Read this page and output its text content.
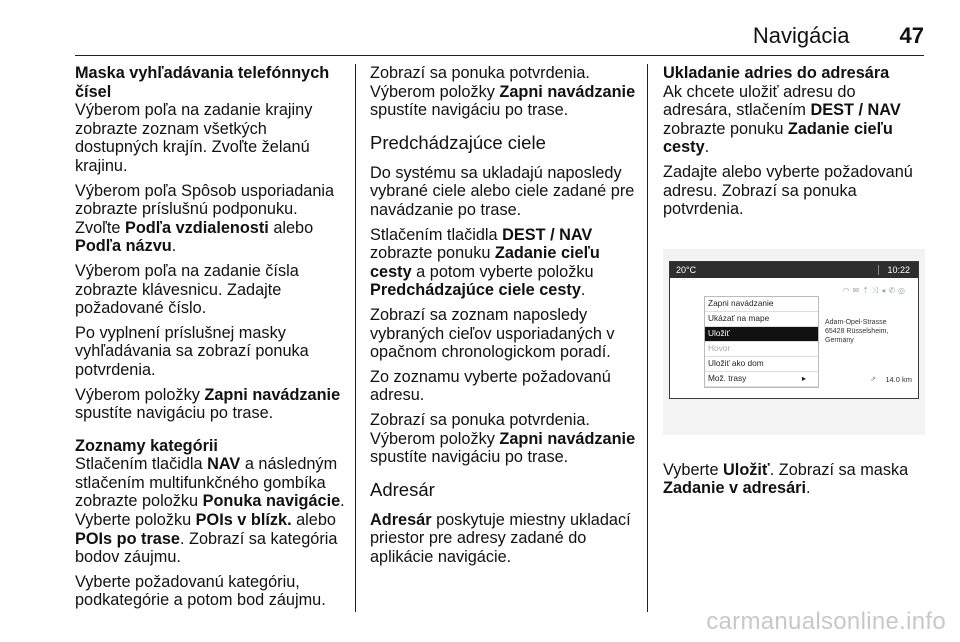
Navigácia 47

Maska vyhľadávania telefónnych čísel

Výberom poľa na zadanie krajiny zobrazte zoznam všetkých dostupných krajín. Zvoľte želanú krajinu.

Výberom poľa Spôsob usporiadania zobrazte príslušnú podponuku. Zvoľte Podľa vzdialenosti alebo Podľa názvu.

Výberom poľa na zadanie čísla zobrazte klávesnicu. Zadajte požadované číslo.

Po vyplnení príslušnej masky vyhľadávania sa zobrazí ponuka potvrdenia.

Výberom položky Zapni navádzanie spustíte navigáciu po trase.

Zoznamy kategórii

Stlačením tlačidla NAV a následným stlačením multifunkčného gombíka zobrazte položku Ponuka navigácie. Vyberte položku POIs v blízk. alebo POIs po trase. Zobrazí sa kategória bodov záujmu.

Vyberte požadovanú kategóriu, podkategórie a potom bod záujmu.

Zobrazí sa ponuka potvrdenia. Výberom položky Zapni navádzanie spustíte navigáciu po trase.

Predchádzajúce ciele

Do systému sa ukladajú naposledy vybrané ciele alebo ciele zadané pre navádzanie po trase.

Stlačením tlačidla DEST / NAV zobrazte ponuku Zadanie cieľu cesty a potom vyberte položku Predchádzajúce ciele cesty.

Zobrazí sa zoznam naposledy vybraných cieľov usporiadaných v opačnom chronologickom poradí.

Zo zoznamu vyberte požadovanú adresu.

Zobrazí sa ponuka potvrdenia. Výberom položky Zapni navádzanie spustíte navigáciu po trase.

Adresár

Adresár poskytuje miestny ukladací priestor pre adresy zadané do aplikácie navigácie.

Ukladanie adries do adresára

Ak chcete uložiť adresu do adresára, stlačením DEST / NAV zobrazte ponuku Zadanie cieľu cesty.

Zadajte alebo vyberte požadovanú adresu. Zobrazí sa ponuka potvrdenia.

20°C	10:22
◠✉⇡⤨◂✆◎
Zapni navádzanie
Ukázať na mape
Uložiť
Hovor
Uložiť ako dom
Mož. trasy	▸
Adam-Opel-Strasse
65428 Rüsselsheim, Germany
⇗ 14.0 km

Vyberte Uložiť. Zobrazí sa maska Zadanie v adresári.

carmanualsonline.info
